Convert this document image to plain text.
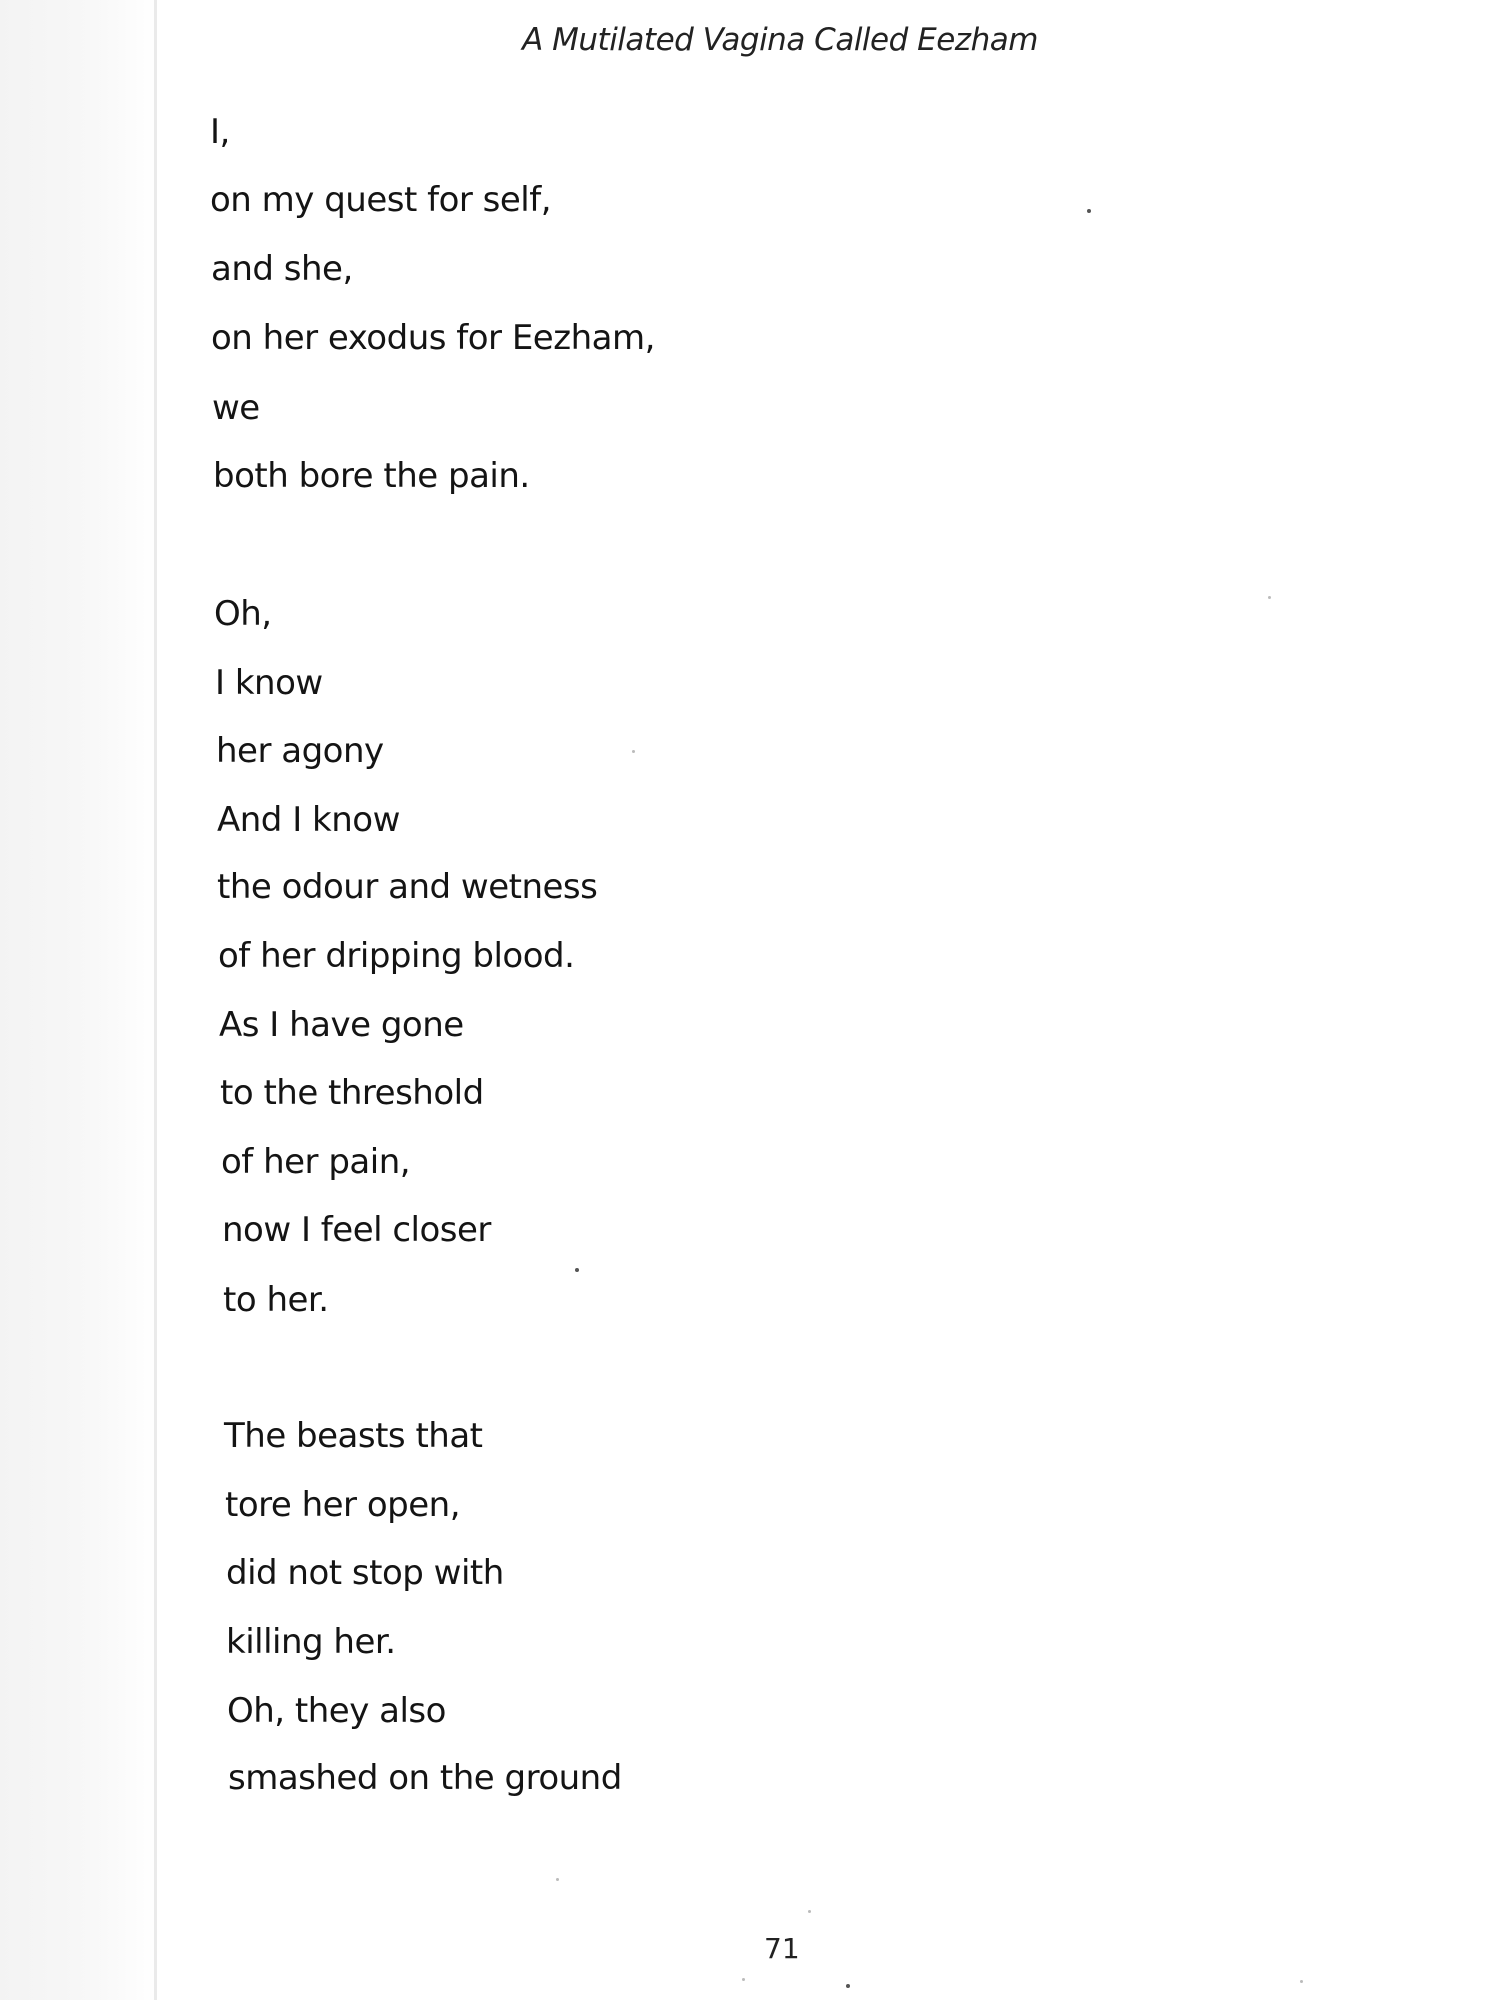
A Mutilated Vagina Called Eezham
I,
on my quest for self,
and she,
on her exodus for Eezham,
we
both bore the pain.
Oh,
I know
her agony
And I know
the odour and wetness
of her dripping blood.
As I have gone
to the threshold
of her pain,
now I feel closer
to her.
The beasts that
tore her open,
did not stop with
killing her.
Oh, they also
smashed on the ground
71
